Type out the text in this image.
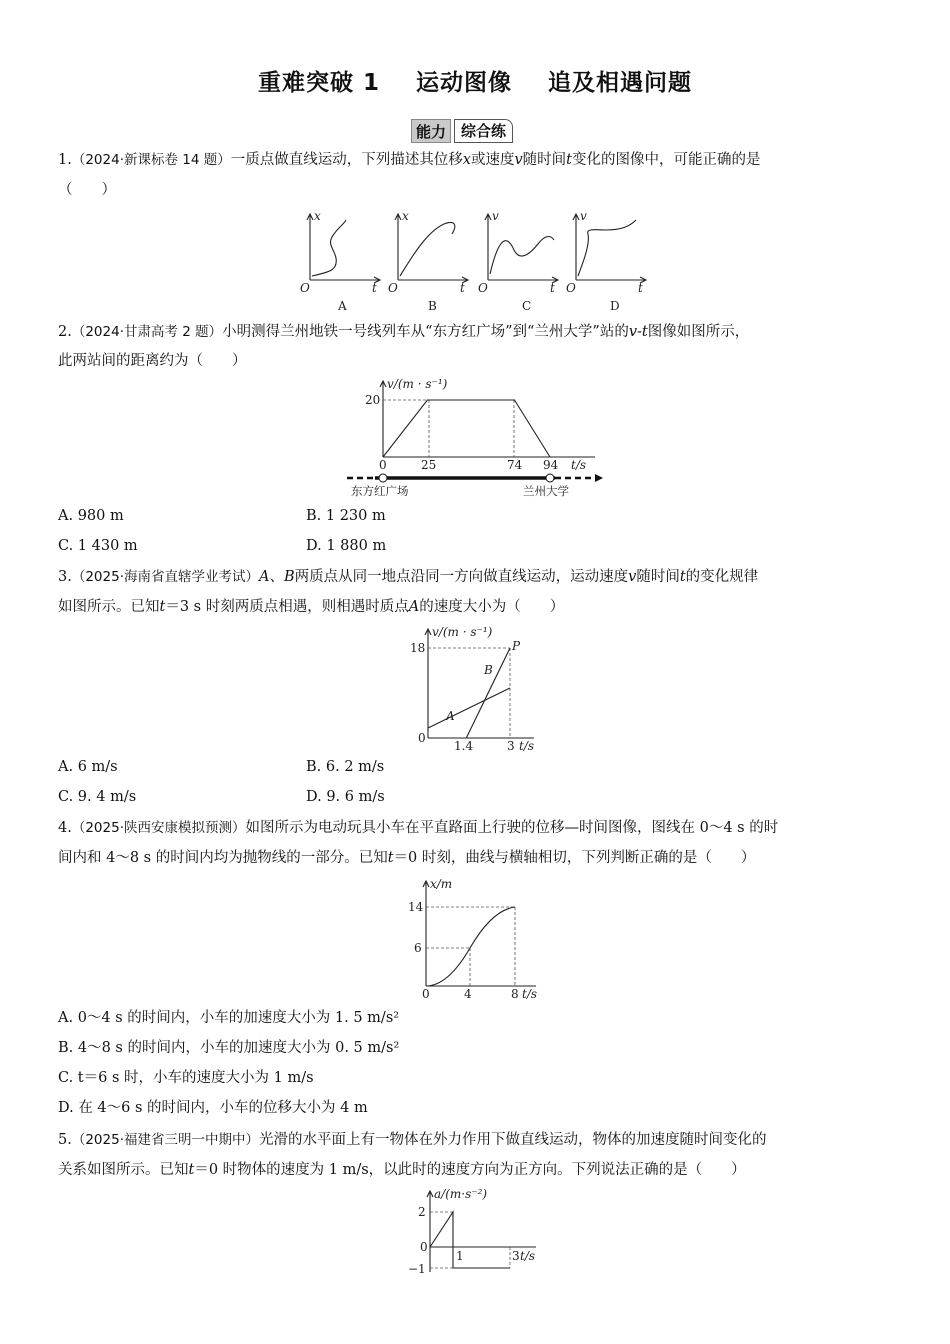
重难突破 1    运动图像    追及相遇问题
能力	综合练
1.（2024·新课标卷 14 题）一质点做直线运动，下列描述其位移x或速度v随时间t变化的图像中，可能正确的是
（　　）
x
O	t
A
x
O	t
B
v
O	t
C
v
O	t
D
2.（2024·甘肃高考 2 题）小明测得兰州地铁一号线列车从“东方红广场”到“兰州大学”站的v-t图像如图所示，
此两站间的距离约为（　　）
v/(m · s⁻¹)
20
0	25	74 94 t/s
东方红广场	兰州大学
A. 980 m	B. 1 230 m
C. 1 430 m	D. 1 880 m
3.（2025·海南省直辖学业考试）A、B两质点从同一地点沿同一方向做直线运动，运动速度v随时间t的变化规律
如图所示。已知t＝3 s 时刻两质点相遇，则相遇时质点A的速度大小为（　　）
v/(m · s⁻¹)
18
0
1.4	3 t/s
B
A
P
A. 6 m/s	B. 6. 2 m/s
C. 9. 4 m/s	D. 9. 6 m/s
4.（2025·陕西安康模拟预测）如图所示为电动玩具小车在平直路面上行驶的位移—时间图像，图线在 0～4 s 的时
间内和 4～8 s 的时间内均为抛物线的一部分。已知t＝0 时刻，曲线与横轴相切，下列判断正确的是（　　）
x/m
14
6
0	4	8 t/s
A. 0～4 s 的时间内，小车的加速度大小为 1. 5 m/s²
B. 4～8 s 的时间内，小车的加速度大小为 0. 5 m/s²
C. t＝6 s 时，小车的速度大小为 1 m/s
D. 在 4～6 s 的时间内，小车的位移大小为 4 m
5.（2025·福建省三明一中期中）光滑的水平面上有一物体在外力作用下做直线运动，物体的加速度随时间变化的
关系如图所示。已知t＝0 时物体的速度为 1 m/s，以此时的速度方向为正方向。下列说法正确的是（　　）
a/(m·s⁻²)
2
0
−1
1	3 t/s
